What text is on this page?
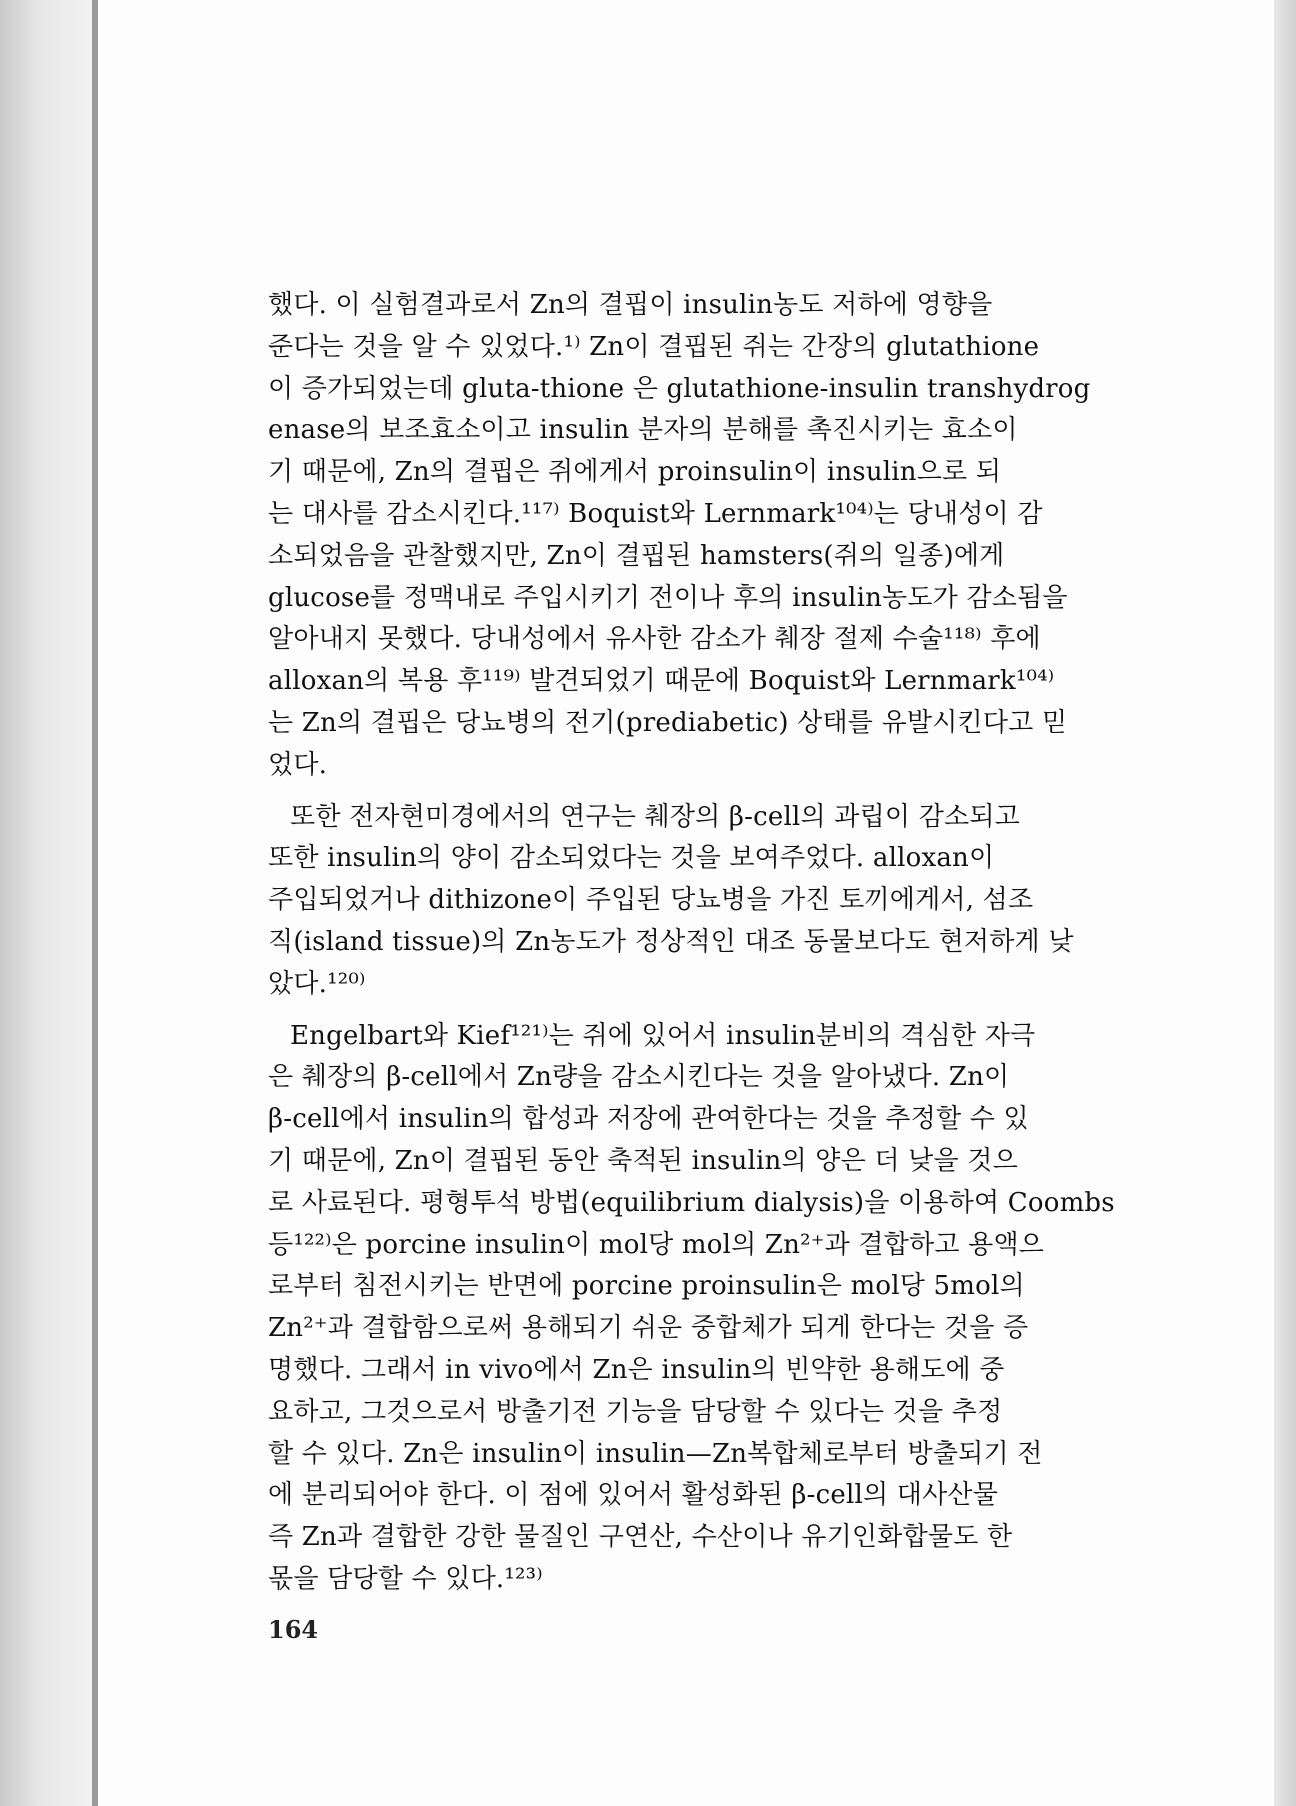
했다. 이 실험결과로서 Zn의 결핍이 insulin농도 저하에 영향을
준다는 것을 알 수 있었다.¹⁾ Zn이 결핍된 쥐는 간장의 glutathione
이 증가되었는데 gluta-thione 은 glutathione-insulin transhydrog
enase의 보조효소이고 insulin 분자의 분해를 촉진시키는 효소이
기 때문에, Zn의 결핍은 쥐에게서 proinsulin이 insulin으로 되
는 대사를 감소시킨다.¹¹⁷⁾ Boquist와 Lernmark¹⁰⁴⁾는 당내성이 감
소되었음을 관찰했지만, Zn이 결핍된 hamsters(쥐의 일종)에게
glucose를 정맥내로 주입시키기 전이나 후의 insulin농도가 감소됨을
알아내지 못했다. 당내성에서 유사한 감소가 췌장 절제 수술¹¹⁸⁾ 후에
alloxan의 복용 후¹¹⁹⁾ 발견되었기 때문에 Boquist와 Lernmark¹⁰⁴⁾
는 Zn의 결핍은 당뇨병의 전기(prediabetic) 상태를 유발시킨다고 믿
었다.
또한 전자현미경에서의 연구는 췌장의 β-cell의 과립이 감소되고
또한 insulin의 양이 감소되었다는 것을 보여주었다. alloxan이
주입되었거나 dithizone이 주입된 당뇨병을 가진 토끼에게서, 섬조
직(island tissue)의 Zn농도가 정상적인 대조 동물보다도 현저하게 낮
았다.¹²⁰⁾
Engelbart와 Kief¹²¹⁾는 쥐에 있어서 insulin분비의 격심한 자극
은 췌장의 β-cell에서 Zn량을 감소시킨다는 것을 알아냈다. Zn이
β-cell에서 insulin의 합성과 저장에 관여한다는 것을 추정할 수 있
기 때문에, Zn이 결핍된 동안 축적된 insulin의 양은 더 낮을 것으
로 사료된다. 평형투석 방법(equilibrium dialysis)을 이용하여 Coombs
등¹²²⁾은 porcine insulin이 mol당 mol의 Zn²⁺과 결합하고 용액으
로부터 침전시키는 반면에 porcine proinsulin은 mol당 5mol의
Zn²⁺과 결합함으로써 용해되기 쉬운 중합체가 되게 한다는 것을 증
명했다. 그래서 in vivo에서 Zn은 insulin의 빈약한 용해도에 중
요하고, 그것으로서 방출기전 기능을 담당할 수 있다는 것을 추정
할 수 있다. Zn은 insulin이 insulin—Zn복합체로부터 방출되기 전
에 분리되어야 한다. 이 점에 있어서 활성화된 β-cell의 대사산물
즉 Zn과 결합한 강한 물질인 구연산, 수산이나 유기인화합물도 한
몫을 담당할 수 있다.¹²³⁾
164
